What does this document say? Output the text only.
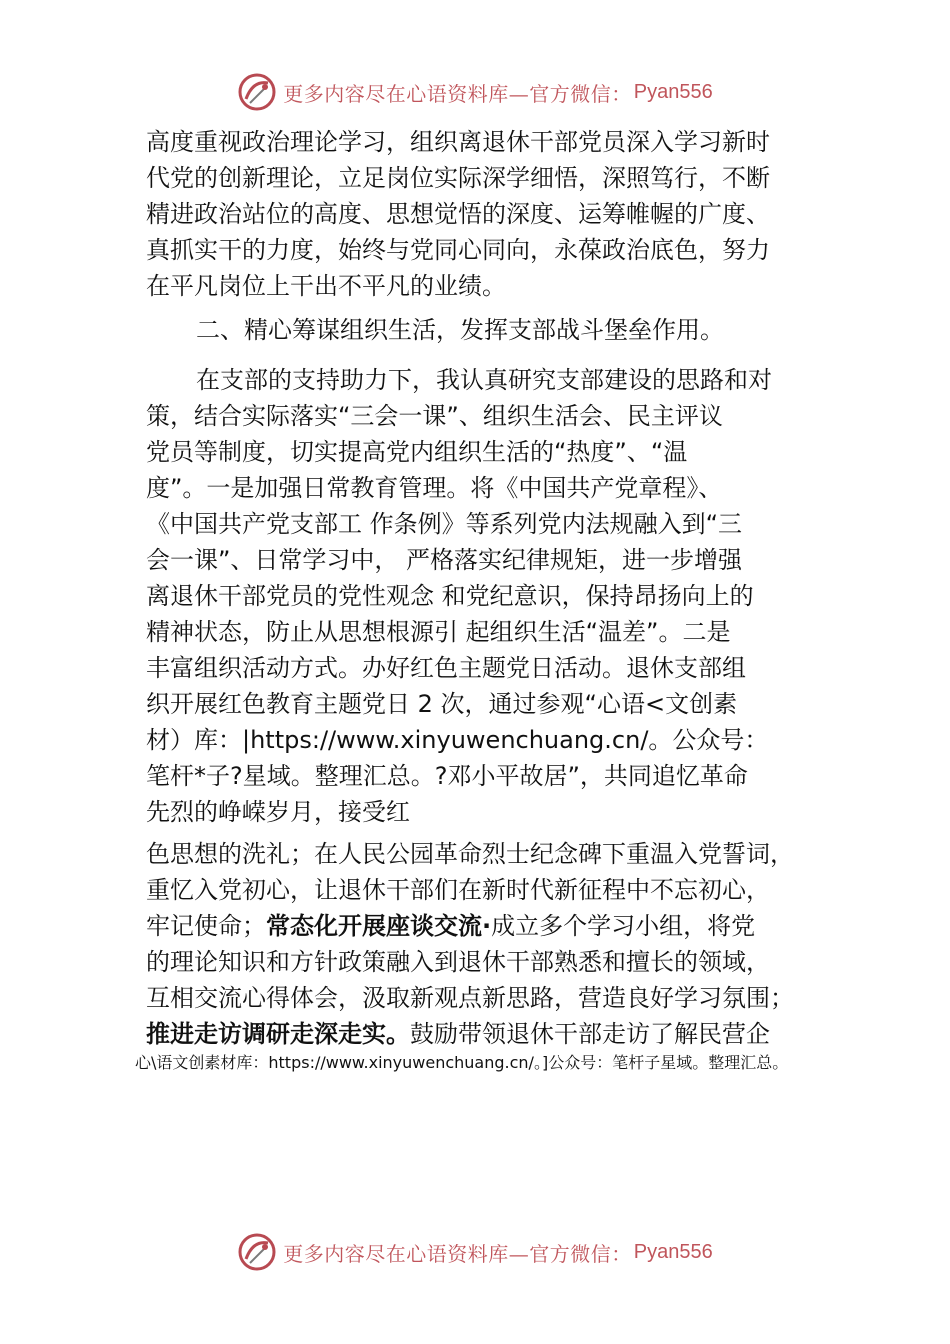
更多内容尽在心语资料库—官方微信： Pyan556
高度重视政治理论学习，组织离退休干部党员深入学习新时
代党的创新理论，立足岗位实际深学细悟，深照笃行，不断
精进政治站位的高度、思想觉悟的深度、运筹帷幄的广度、
真抓实干的力度，始终与党同心同向，永葆政治底色，努力
在平凡岗位上干出不平凡的业绩。
二、精心筹谋组织生活，发挥支部战斗堡垒作用。
在支部的支持助力下，我认真研究支部建设的思路和对
策，结合实际落实“三会一课”、组织生活会、民主评议
党员等制度，切实提高党内组织生活的“热度”、“温
度”。一是加强日常教育管理。将《中国共产党章程》、
《中国共产党支部工 作条例》等系列党内法规融入到“三
会一课”、日常学习中， 严格落实纪律规矩，进一步增强
离退休干部党员的党性观念 和党纪意识，保持昂扬向上的
精神状态，防止从思想根源引 起组织生活“温差”。二是
丰富组织活动方式。办好红色主题党日活动。退休支部组
织开展红色教育主题党日 2 次，通过参观“心语<文创素
材）库：|https://www.xinyuwenchuang.cn/。公众号：
笔杆*子?星域。整理汇总。?邓小平故居”，共同追忆革命
先烈的峥嵘岁月，接受红
色思想的洗礼；在人民公园革命烈士纪念碑下重温入党誓词，
重忆入党初心，让退休干部们在新时代新征程中不忘初心，
牢记使命；常态化开展座谈交流·成立多个学习小组，将党
的理论知识和方针政策融入到退休干部熟悉和擅长的领域，
互相交流心得体会，汲取新观点新思路，营造良好学习氛围；
推进走访调研走深走实。鼓励带领退休干部走访了解民营企
心\语文创素材库：https://www.xinyuwenchuang.cn/。]公众号：笔杆子星域。整理汇总。
更多内容尽在心语资料库—官方微信： Pyan556
